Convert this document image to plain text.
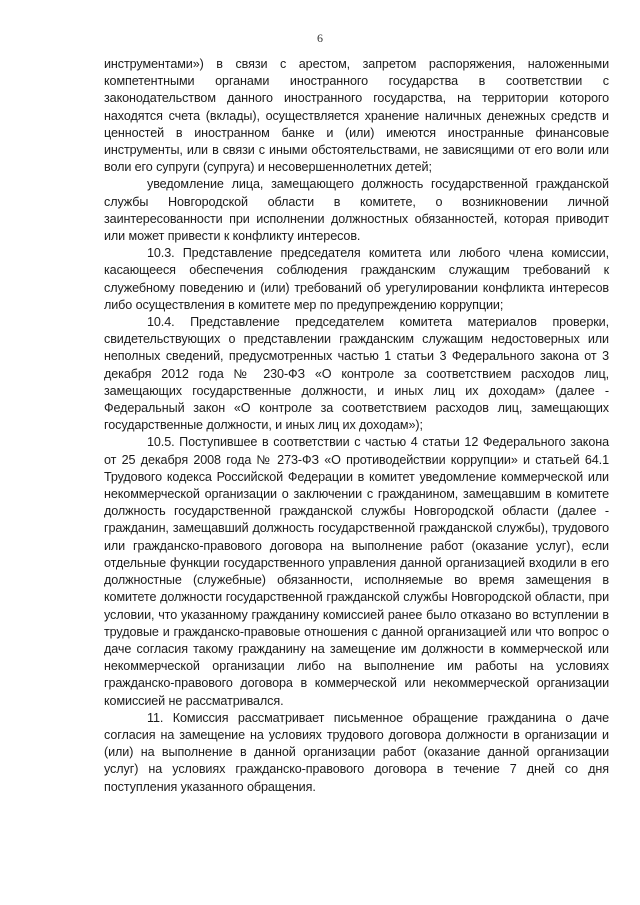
6

инструментами») в связи с арестом, запретом распоряжения, наложенными компетентными органами иностранного государства в соответствии с законодательством данного иностранного государства, на территории которого находятся счета (вклады), осуществляется хранение наличных денежных средств и ценностей в иностранном банке и (или) имеются иностранные финансовые инструменты, или в связи с иными обстоятельствами, не зависящими от его воли или воли его супруги (супруга) и несовершеннолетних детей;

уведомление лица, замещающего должность государственной гражданской службы Новгородской области в комитете, о возникновении личной заинтересованности при исполнении должностных обязанностей, которая приводит или может привести к конфликту интересов.

10.3. Представление председателя комитета или любого члена комиссии, касающееся обеспечения соблюдения гражданским служащим требований к служебному поведению и (или) требований об урегулировании конфликта интересов либо осуществления в комитете мер по предупреждению коррупции;

10.4. Представление председателем комитета материалов проверки, свидетельствующих о представлении гражданским служащим недостоверных или неполных сведений, предусмотренных частью 1 статьи 3 Федерального закона от 3 декабря 2012 года № 230-ФЗ «О контроле за соответствием расходов лиц, замещающих государственные должности, и иных лиц их доходам» (далее - Федеральный закон «О контроле за соответствием расходов лиц, замещающих государственные должности, и иных лиц их доходам»);

10.5. Поступившее в соответствии с частью 4 статьи 12 Федерального закона от 25 декабря 2008 года № 273-ФЗ «О противодействии коррупции» и статьей 64.1 Трудового кодекса Российской Федерации в комитет уведомление коммерческой или некоммерческой организации о заключении с гражданином, замещавшим в комитете должность государственной гражданской службы Новгородской области (далее - гражданин, замещавший должность государственной гражданской службы), трудового или гражданско-правового договора на выполнение работ (оказание услуг), если отдельные функции государственного управления данной организацией входили в его должностные (служебные) обязанности, исполняемые во время замещения в комитете должности государственной гражданской службы Новгородской области, при условии, что указанному гражданину комиссией ранее было отказано во вступлении в трудовые и гражданско-правовые отношения с данной организацией или что вопрос о даче согласия такому гражданину на замещение им должности в коммерческой или некоммерческой организации либо на выполнение им работы на условиях гражданско-правового договора в коммерческой или некоммерческой организации комиссией не рассматривался.

11. Комиссия рассматривает письменное обращение гражданина о даче согласия на замещение на условиях трудового договора должности в организации и (или) на выполнение в данной организации работ (оказание данной организации услуг) на условиях гражданско-правового договора в течение 7 дней со дня поступления указанного обращения.
